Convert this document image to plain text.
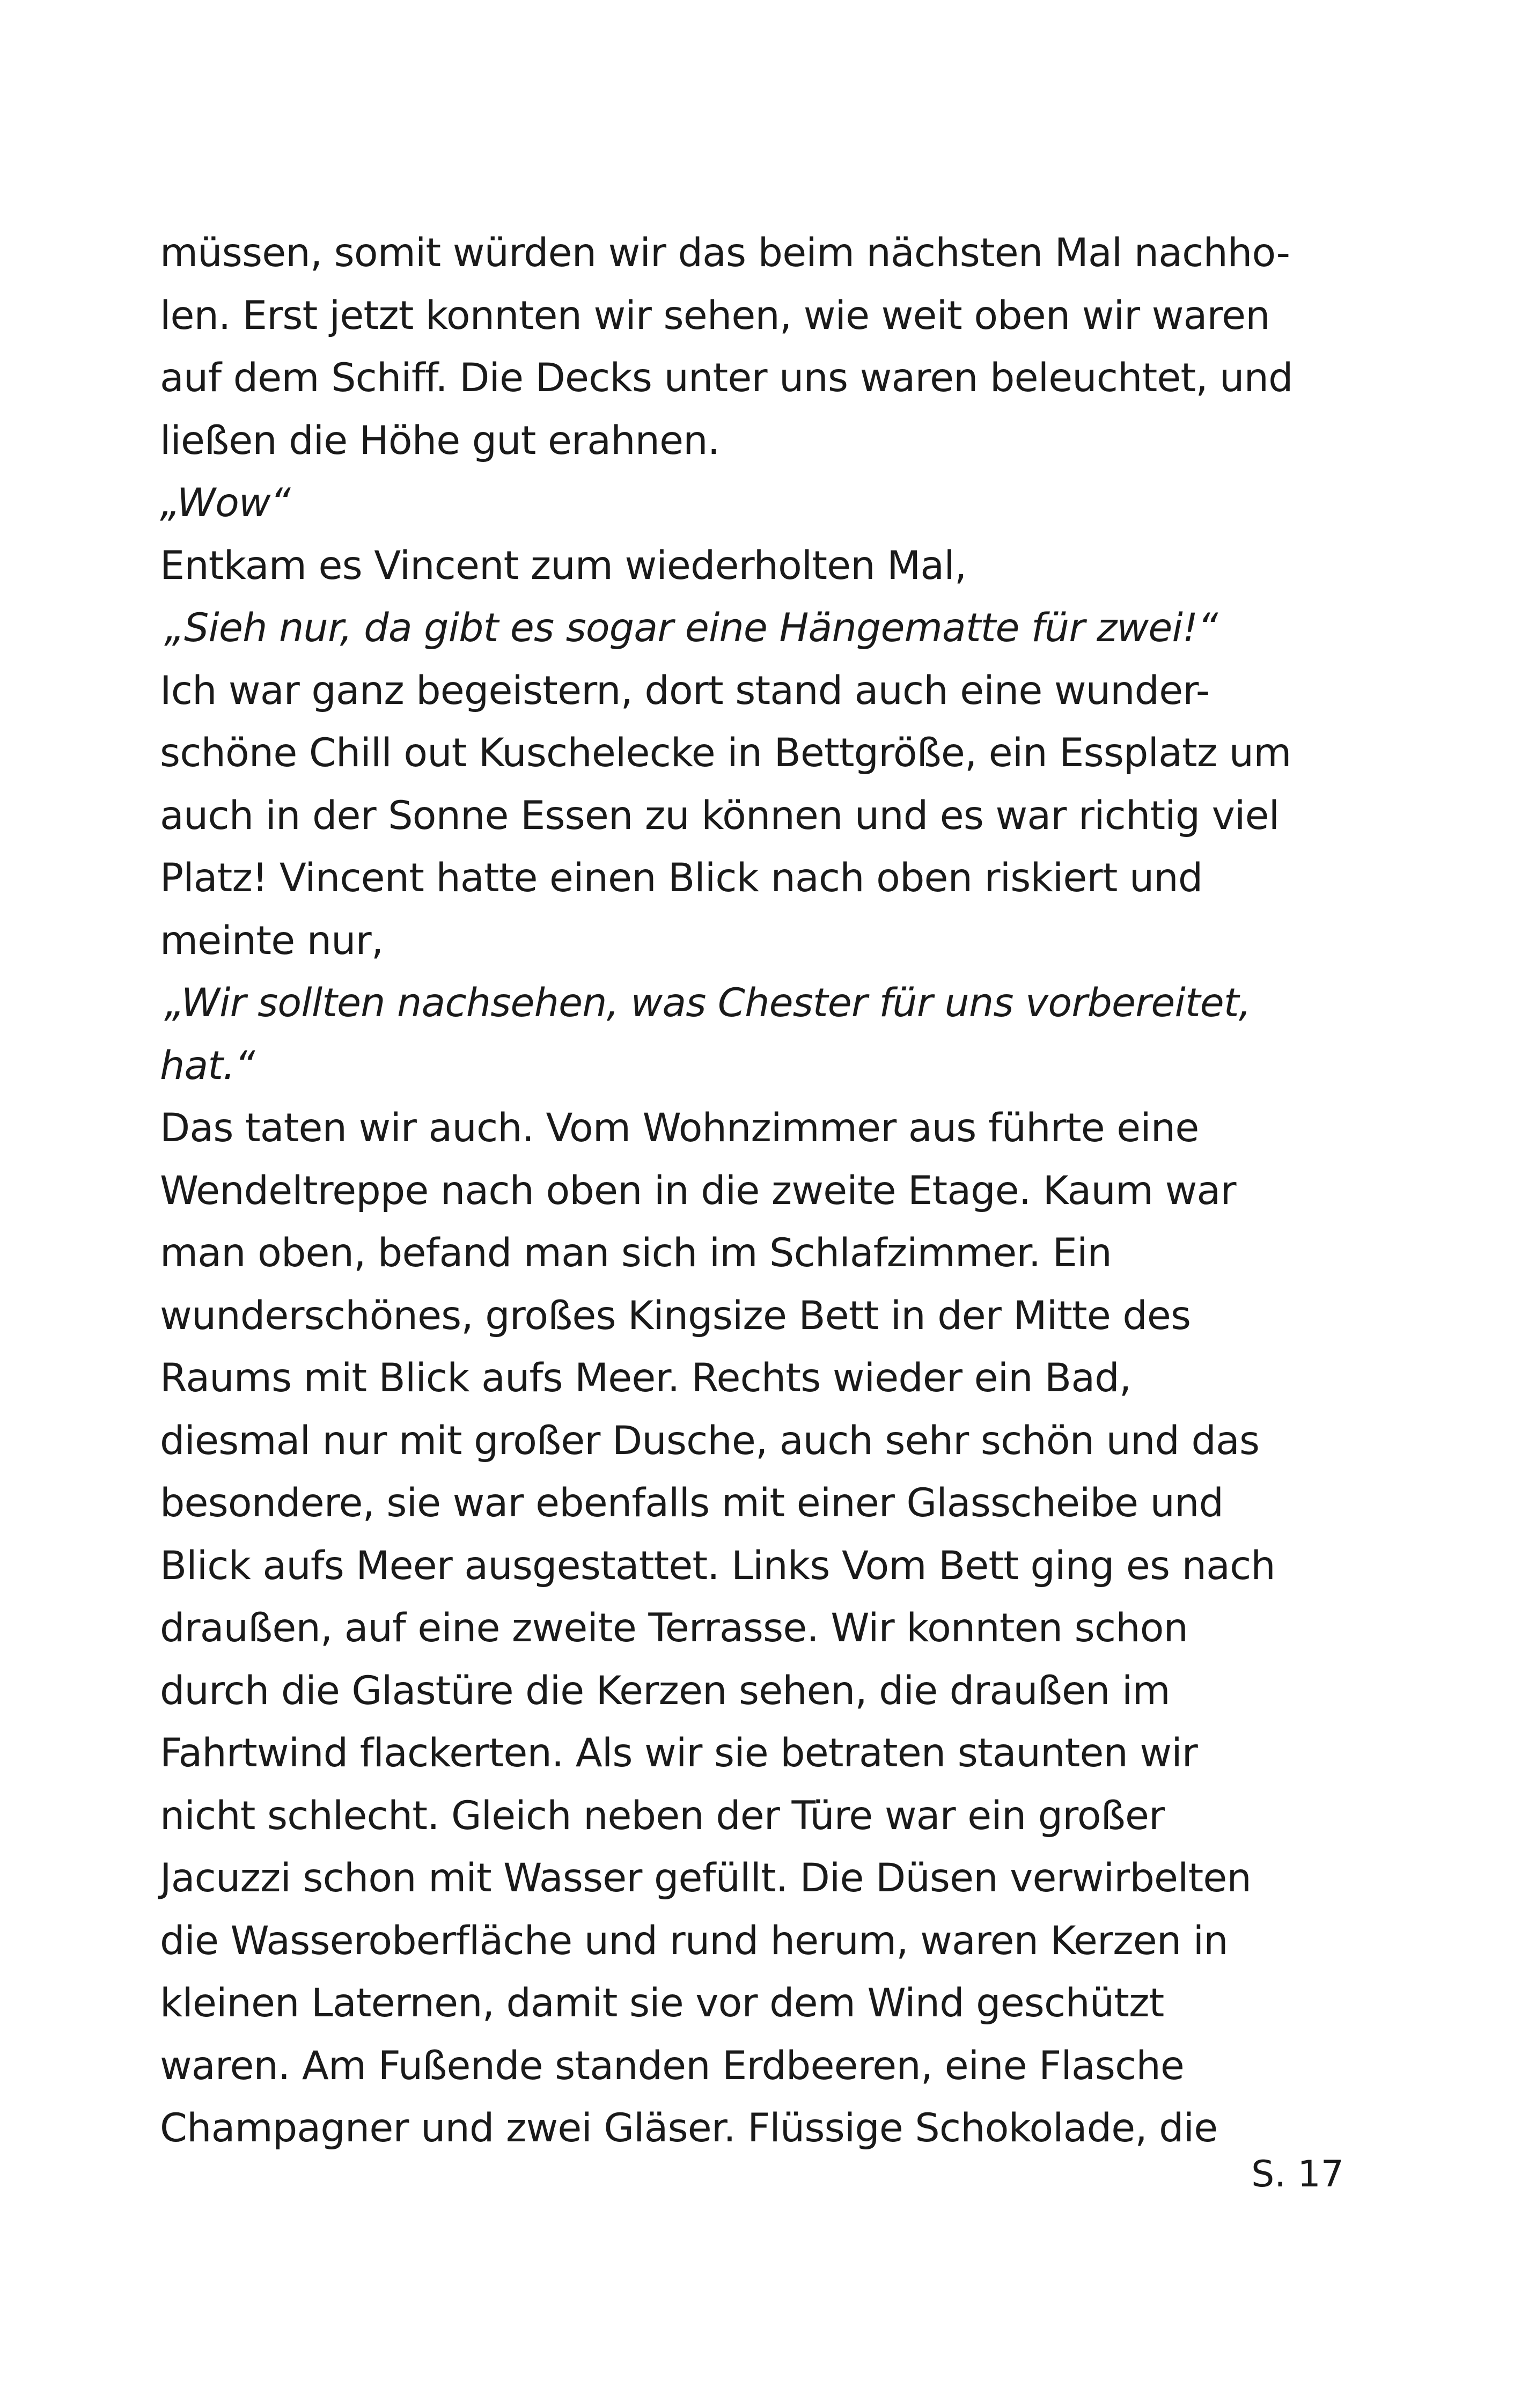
müssen, somit würden wir das beim nächsten Mal nachho-
len. Erst jetzt konnten wir sehen, wie weit oben wir waren
auf dem Schiff. Die Decks unter uns waren beleuchtet, und
ließen die Höhe gut erahnen.
„Wow“
Entkam es Vincent zum wiederholten Mal,
„Sieh nur, da gibt es sogar eine Hängematte für zwei!“
Ich war ganz begeistern, dort stand auch eine wunder-
schöne Chill out Kuschelecke in Bettgröße, ein Essplatz um
auch in der Sonne Essen zu können und es war richtig viel
Platz! Vincent hatte einen Blick nach oben riskiert und
meinte nur,
„Wir sollten nachsehen, was Chester für uns vorbereitet,
hat.“
Das taten wir auch. Vom Wohnzimmer aus führte eine
Wendeltreppe nach oben in die zweite Etage. Kaum war
man oben, befand man sich im Schlafzimmer. Ein
wunderschönes, großes Kingsize Bett in der Mitte des
Raums mit Blick aufs Meer. Rechts wieder ein Bad,
diesmal nur mit großer Dusche, auch sehr schön und das
besondere, sie war ebenfalls mit einer Glasscheibe und
Blick aufs Meer ausgestattet. Links Vom Bett ging es nach
draußen, auf eine zweite Terrasse. Wir konnten schon
durch die Glastüre die Kerzen sehen, die draußen im
Fahrtwind flackerten. Als wir sie betraten staunten wir
nicht schlecht. Gleich neben der Türe war ein großer
Jacuzzi schon mit Wasser gefüllt. Die Düsen verwirbelten
die Wasseroberfläche und rund herum, waren Kerzen in
kleinen Laternen, damit sie vor dem Wind geschützt
waren. Am Fußende standen Erdbeeren, eine Flasche
Champagner und zwei Gläser. Flüssige Schokolade, die
S. 17
